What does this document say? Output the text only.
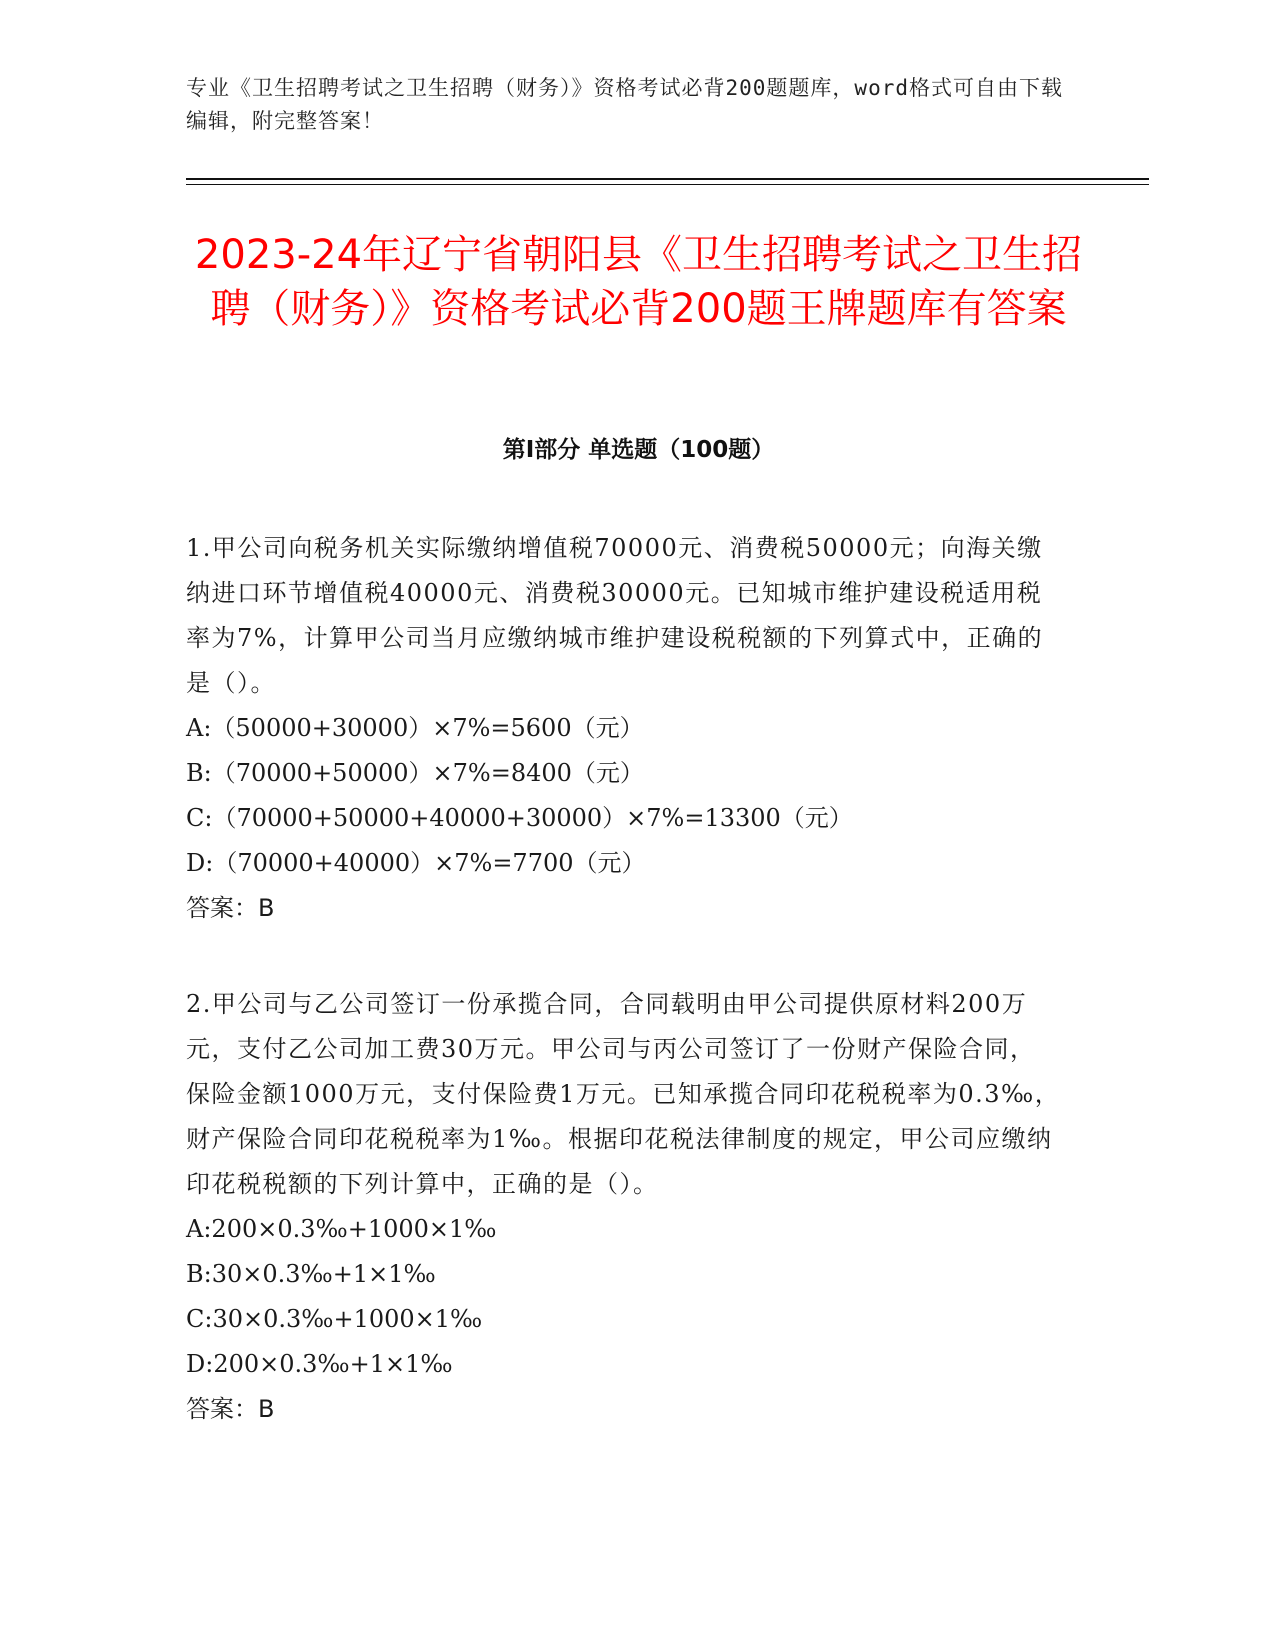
专业《卫生招聘考试之卫生招聘（财务）》资格考试必背200题题库，word格式可自由下载编辑，附完整答案！
2023-24年辽宁省朝阳县《卫生招聘考试之卫生招聘（财务）》资格考试必背200题王牌题库有答案
第Ⅰ部分 单选题（100题）

1.甲公司向税务机关实际缴纳增值税70000元、消费税50000元；向海关缴纳进口环节增值税40000元、消费税30000元。已知城市维护建设税适用税率为7%，计算甲公司当月应缴纳城市维护建设税税额的下列算式中，正确的是（）。

A:（50000+30000）×7%=5600（元）

B:（70000+50000）×7%=8400（元）

C:（70000+50000+40000+30000）×7%=13300（元）

D:（70000+40000）×7%=7700（元）

答案：B

2.甲公司与乙公司签订一份承揽合同，合同载明由甲公司提供原材料200万元，支付乙公司加工费30万元。甲公司与丙公司签订了一份财产保险合同，保险金额1000万元，支付保险费1万元。已知承揽合同印花税税率为0.3‰，财产保险合同印花税税率为1‰。根据印花税法律制度的规定，甲公司应缴纳印花税税额的下列计算中，正确的是（）。

A:200×0.3‰+1000×1‰

B:30×0.3‰+1×1‰

C:30×0.3‰+1000×1‰

D:200×0.3‰+1×1‰

答案：B
